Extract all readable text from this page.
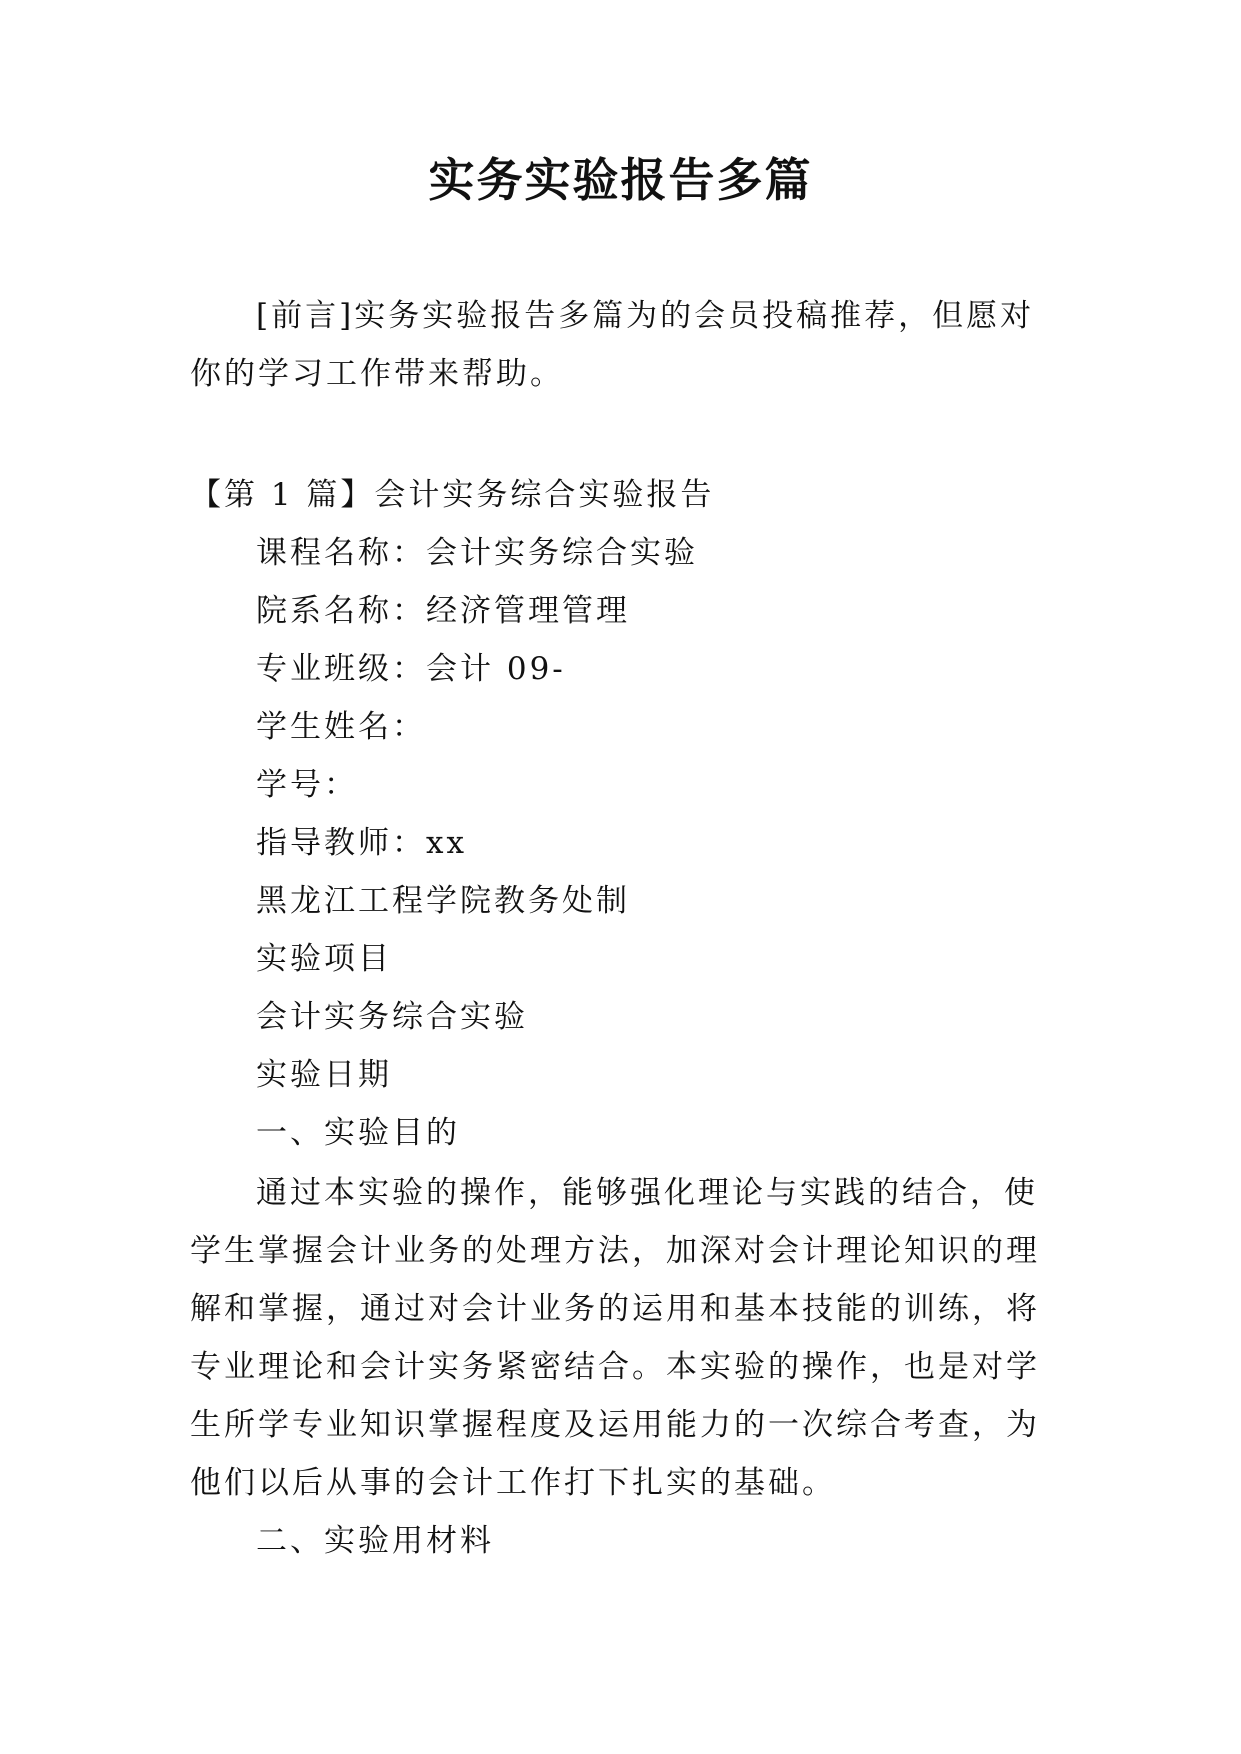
实务实验报告多篇
[前言]实务实验报告多篇为的会员投稿推荐，但愿对你的学习工作带来帮助。
【第 1 篇】会计实务综合实验报告
课程名称：会计实务综合实验
院系名称：经济管理管理
专业班级：会计 09-
学生姓名：
学号：
指导教师：xx
黑龙江工程学院教务处制
实验项目
会计实务综合实验
实验日期
一、实验目的
通过本实验的操作，能够强化理论与实践的结合，使学生掌握会计业务的处理方法，加深对会计理论知识的理解和掌握，通过对会计业务的运用和基本技能的训练，将专业理论和会计实务紧密结合。本实验的操作，也是对学生所学专业知识掌握程度及运用能力的一次综合考查，为他们以后从事的会计工作打下扎实的基础。
二、实验用材料
